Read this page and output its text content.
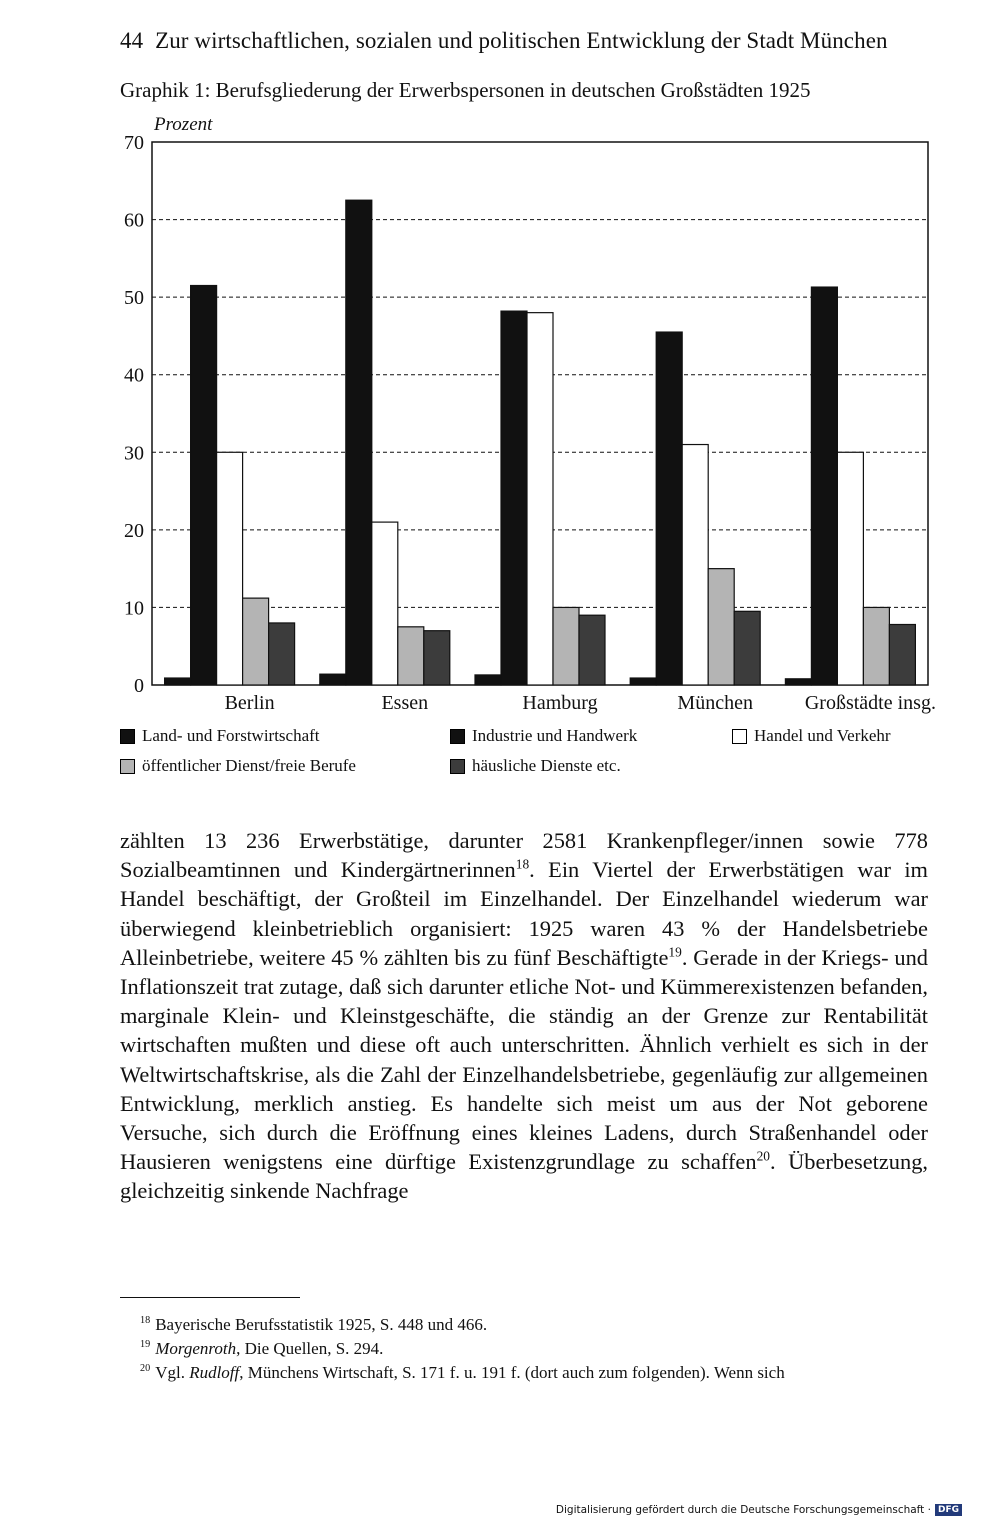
44 Zur wirtschaftlichen, sozialen und politischen Entwicklung der Stadt München
Graphik 1: Berufsgliederung der Erwerbspersonen in deutschen Großstädten 1925
0
10
20
30
40
50
60
70
Prozent
Berlin	Essen	Hamburg	München	Großstädte insg.
Land- und Forstwirtschaft	Industrie und Handwerk	Handel und Verkehr
öffentlicher Dienst/freie Berufe	häusliche Dienste etc.

zählten 13 236 Erwerbstätige, darunter 2581 Krankenpfleger/innen sowie 778 Sozialbeamtinnen und Kindergärtnerinnen$^{18}$. Ein Viertel der Erwerbstätigen war im Handel beschäftigt, der Großteil im Einzelhandel. Der Einzelhandel wiederum war überwiegend kleinbetrieblich organisiert: 1925 waren 43 % der Handelsbetriebe Alleinbetriebe, weitere 45 % zählten bis zu fünf Beschäftigte$^{19}$. Gerade in der Kriegs- und Inflationszeit trat zutage, daß sich darunter etliche Not- und Kümmerexistenzen befanden, marginale Klein- und Kleinstgeschäfte, die ständig an der Grenze zur Rentabilität wirtschaften mußten und diese oft auch unterschritten. Ähnlich verhielt es sich in der Weltwirtschaftskrise, als die Zahl der Einzelhandelsbetriebe, gegenläufig zur allgemeinen Entwicklung, merklich anstieg. Es handelte sich meist um aus der Not geborene Versuche, sich durch die Eröffnung eines kleines Ladens, durch Straßenhandel oder Hausieren wenigstens eine dürftige Existenzgrundlage zu schaffen$^{20}$. Überbesetzung, gleichzeitig sinkende Nachfrage

$^{18}$ Bayerische Berufsstatistik 1925, S. 448 und 466.
$^{19}$ Morgenroth, Die Quellen, S. 294.
$^{20}$ Vgl. Rudloff, Münchens Wirtschaft, S. 171 f. u. 191 f. (dort auch zum folgenden). Wenn sich
Digitalisierung gefördert durch die Deutsche Forschungsgemeinschaft · DFG
